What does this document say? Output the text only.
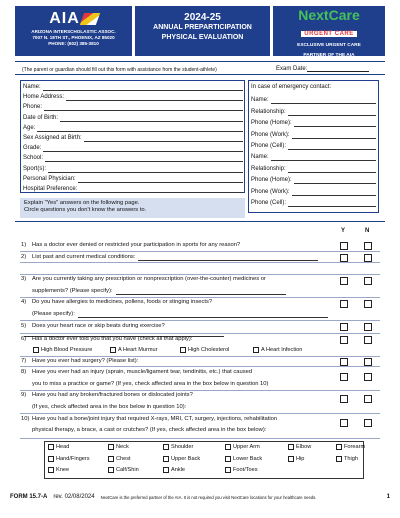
AIA
ARIZONA INTERSCHOLASTIC ASSOC.
7007 N. 18TH ST., PHOENIX, AZ 85020
PHONE: (602) 385-3810
2024-25
ANNUAL PREPARTICIPATION
PHYSICAL EVALUATION
NextCare
URGENT CARE
EXCLUSIVE URGENT CARE
PARTNER OF THE AIA
(The parent or guardian should fill out this form with assistance from the student-athlete)	Exam Date:
Name:
Home Address:
Phone:
Date of Birth:
Age:
Sex Assigned at Birth:
Grade:
School:
Sport(s):
Personal Physician:
Hospital Preference:
Explain "Yes" answers on the following page.
Circle questions you don't know the answers to.
In case of emergency contact:
Name:
Relationship:
Phone (Home):
Phone (Work):
Phone (Cell):
Name:
Relationship:
Phone (Home):
Phone (Work):
Phone (Cell):
Y	N
1) Has a doctor ever denied or restricted your participation in sports for any reason?
2) List past and current medical conditions:
3) Are you currently taking any prescription or nonprescription (over-the-counter) medicines or
supplements? (Please specify):
4) Do you have allergies to medicines, pollens, foods or stinging insects?
(Please specify):
5) Does your heart race or skip beats during exercise?
6) Has a doctor ever told you that you have (check all that apply):
7) Have you ever had surgery? (Please list):
8) Have you ever had an injury (sprain, muscle/ligament tear, tendinitis, etc.) that caused
you to miss a practice or game? (If yes, check affected area in the box below in question 10)
9) Have you had any broken/fractured bones or dislocated joints?
(If yes, check affected area in the box below in question 10):
10) Have you had a bone/joint injury that required X-rays, MRI, CT, surgery, injections, rehabilitation
physical therapy, a brace, a cast or crutches? (If yes, check affected area in the box below):
High Blood Pressure	A Heart Murmur	High Cholesterol	A Heart Infection
Head	Neck	Shoulder	Upper Arm	Elbow	Forearm
Hand/Fingers	Chest	Upper Back	Lower Back	Hip	Thigh
Knee	Calf/Shin	Ankle	Foot/Toes
FORM 15.7-A rev. 02/08/2024 NextCare is the preferred partner of the AIA. It is not required you visit NextCare locations for your healthcare needs.	1
